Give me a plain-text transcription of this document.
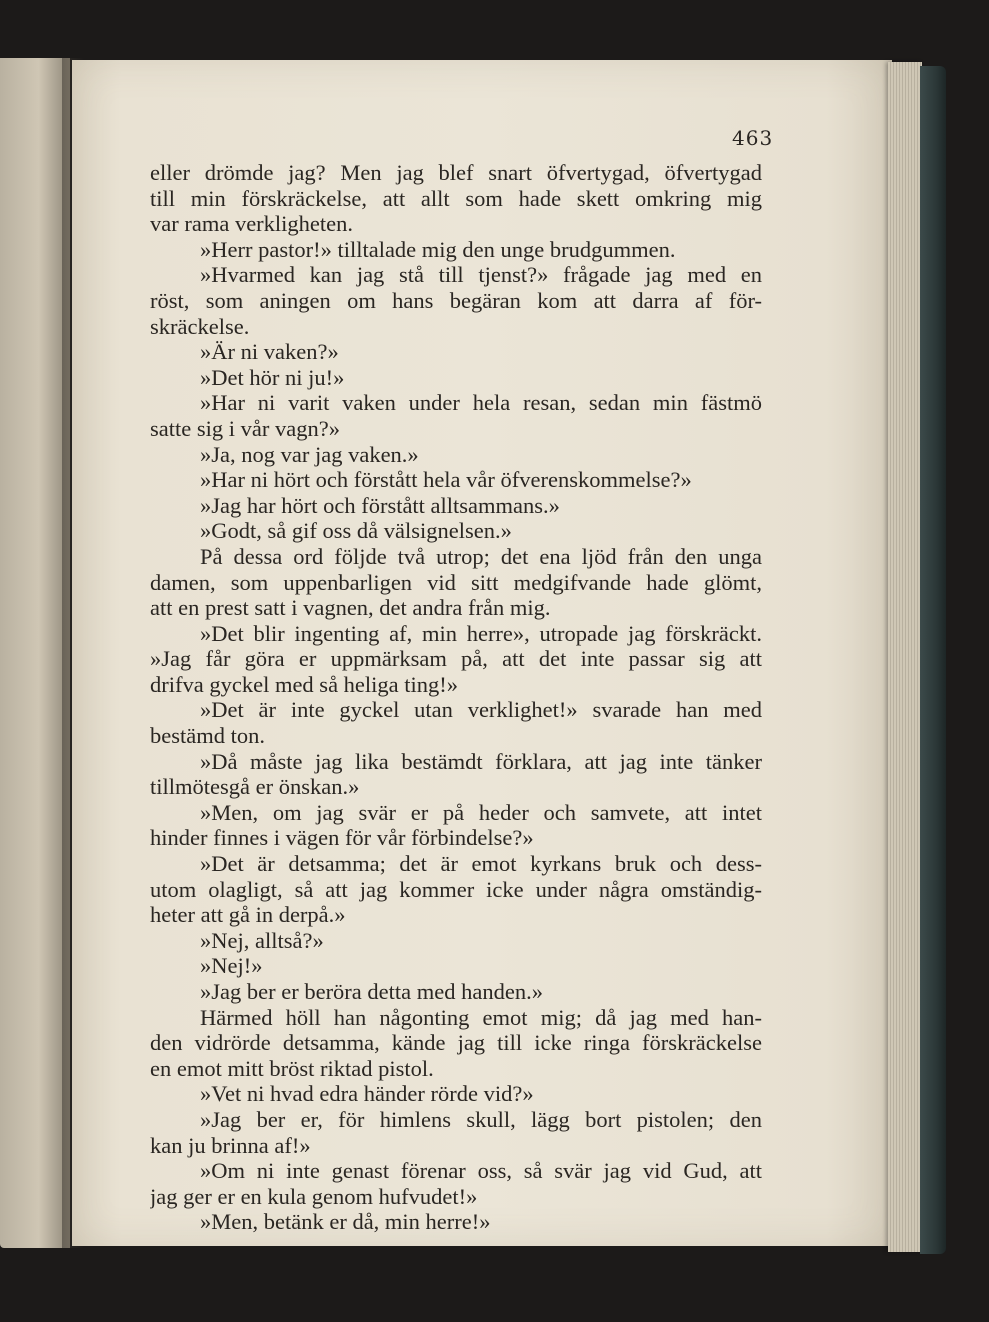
463
eller drömde jag? Men jag blef snart öfvertygad, öfvertygad
till min förskräckelse, att allt som hade skett omkring mig
var rama verkligheten.
»Herr pastor!» tilltalade mig den unge brudgummen.
»Hvarmed kan jag stå till tjenst?» frågade jag med en
röst, som aningen om hans begäran kom att darra af för-
skräckelse.
»Är ni vaken?»
»Det hör ni ju!»
»Har ni varit vaken under hela resan, sedan min fästmö
satte sig i vår vagn?»
»Ja, nog var jag vaken.»
»Har ni hört och förstått hela vår öfverenskommelse?»
»Jag har hört och förstått alltsammans.»
»Godt, så gif oss då välsignelsen.»
På dessa ord följde två utrop; det ena ljöd från den unga
damen, som uppenbarligen vid sitt medgifvande hade glömt,
att en prest satt i vagnen, det andra från mig.
»Det blir ingenting af, min herre», utropade jag förskräckt.
»Jag får göra er uppmärksam på, att det inte passar sig att
drifva gyckel med så heliga ting!»
»Det är inte gyckel utan verklighet!» svarade han med
bestämd ton.
»Då måste jag lika bestämdt förklara, att jag inte tänker
tillmötesgå er önskan.»
»Men, om jag svär er på heder och samvete, att intet
hinder finnes i vägen för vår förbindelse?»
»Det är detsamma; det är emot kyrkans bruk och dess-
utom olagligt, så att jag kommer icke under några omständig-
heter att gå in derpå.»
»Nej, alltså?»
»Nej!»
»Jag ber er beröra detta med handen.»
Härmed höll han någonting emot mig; då jag med han-
den vidrörde detsamma, kände jag till icke ringa förskräckelse
en emot mitt bröst riktad pistol.
»Vet ni hvad edra händer rörde vid?»
»Jag ber er, för himlens skull, lägg bort pistolen; den
kan ju brinna af!»
»Om ni inte genast förenar oss, så svär jag vid Gud, att
jag ger er en kula genom hufvudet!»
»Men, betänk er då, min herre!»
